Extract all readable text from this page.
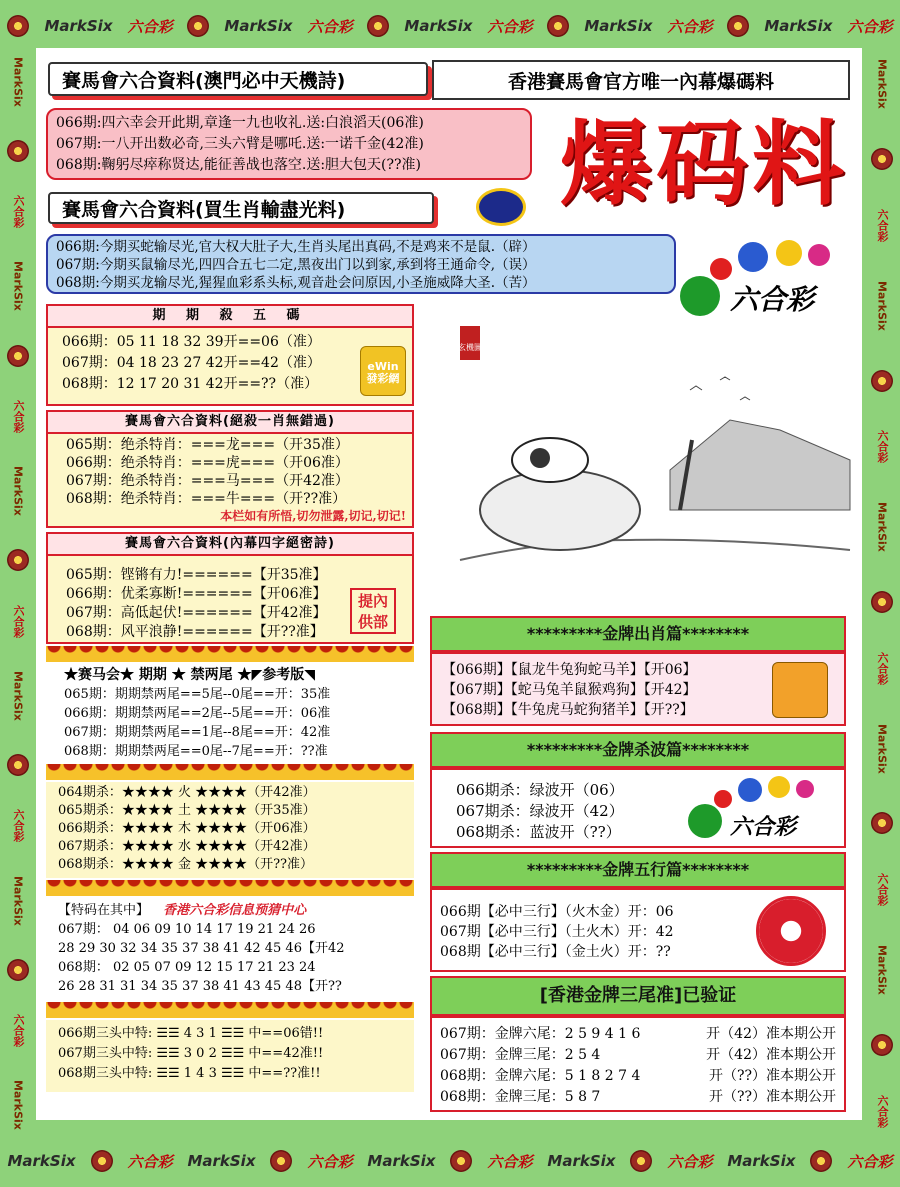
MarkSix 六合彩	MarkSix 六合彩	MarkSix 六合彩	MarkSix 六合彩	MarkSix 六合彩
MarkSix	六合彩 MarkSix	六合彩 MarkSix	六合彩 MarkSix	六合彩 MarkSix	六合彩
MarkSix
六合彩
MarkSix
六合彩
MarkSix
六合彩
MarkSix
六合彩
MarkSix
六合彩
MarkSix
MarkSix
六合彩
MarkSix
六合彩
MarkSix
六合彩
MarkSix
六合彩
MarkSix
六合彩
賽馬會六合資料(澳門必中天機詩)	香港賽馬會官方唯一內幕爆碼料
066期:四六幸会开此期,章逢一九也收礼.送:白浪滔天(06准)
067期:一八开出数必奇,三头六臂是哪吒.送:一诺千金(42准)
068期:鞠躬尽瘁称贤达,能征善战也落空.送:胆大包天(??准)	爆码料
賽馬會六合資料(買生肖輸盡光料)
066期:今期买蛇输尽光,官大权大肚子大,生肖头尾出真码,不是鸡来不是鼠.（辟）
067期:今期买鼠输尽光,四四合五七二定,黑夜出门以到家,承到将王通命令,（误）
068期:今期买龙输尽光,猩猩血彩系头标,观音赴会问原因,小圣施威降大圣.（苦）	六合彩
期 期 殺 五 碼
066期：05 11 18 32 39开==06（准）
067期：04 18 23 27 42开==42（准）
068期：12 17 20 31 42开==??（准）
eWin 發彩網
賽馬會六合資料(絕殺一肖無錯過)
065期：绝杀特肖：===龙===（开35准）
066期：绝杀特肖：===虎===（开06准）
067期：绝杀特肖：===马===（开42准）
068期：绝杀特肖：===牛===（开??准）
本栏如有所悟,切勿泄露,切记,切记!
賽馬會六合資料(內幕四字絕密詩)
065期：铿锵有力!======【开35准】
066期：优柔寡断!======【开06准】
067期：高低起伏!======【开42准】
068期：风平浪静!======【开??准】
提內供部
★赛马会★ 期期 ★ 禁两尾 ★◤参考版◥
065期：期期禁两尾==5尾--0尾==开：35准
066期：期期禁两尾==2尾--5尾==开：06准
067期：期期禁两尾==1尾--8尾==开：42准
068期：期期禁两尾==0尾--7尾==开：??准
064期杀：★★★★ 火 ★★★★（开42准）
065期杀：★★★★ 土 ★★★★（开35准）
066期杀：★★★★ 木 ★★★★（开06准）
067期杀：★★★★ 水 ★★★★（开42准）
068期杀：★★★★ 金 ★★★★（开??准）
【特码在其中】 香港六合彩信息预猜中心
067期： 04 06 09 10 14 17 19 21 24 26
28 29 30 32 34 35 37 38 41 42 45 46【开42
068期： 02 05 07 09 12 15 17 21 23 24
26 28 31 31 34 35 37 38 41 43 45 48【开??
066期三头中特: ☰☰ 4 3 1 ☰☰ 中==06错!!
067期三头中特: ☰☰ 3 0 2 ☰☰ 中==42准!!
068期三头中特: ☰☰ 1 4 3 ☰☰ 中==??准!!
玄機圖
*********金牌出肖篇********
【066期】【鼠龙牛兔狗蛇马羊】【开06】
【067期】【蛇马兔羊鼠猴鸡狗】【开42】
【068期】【牛兔虎马蛇狗猪羊】【开??】
*********金牌杀波篇********
066期杀：绿波开（06）
067期杀：绿波开（42）
068期杀：蓝波开（??）	六合彩
*********金牌五行篇********
066期【必中三行】（火木金）开：06
067期【必中三行】（土火木）开：42
068期【必中三行】（金土火）开：??
[香港金牌三尾准]已验证
067期：金牌六尾：2 5 9 4 1 6	开（42）准本期公开
067期：金牌三尾：2 5 4	开（42）准本期公开
068期：金牌六尾：5 1 8 2 7 4	开（??）准本期公开
068期：金牌三尾：5 8 7	开（??）准本期公开
